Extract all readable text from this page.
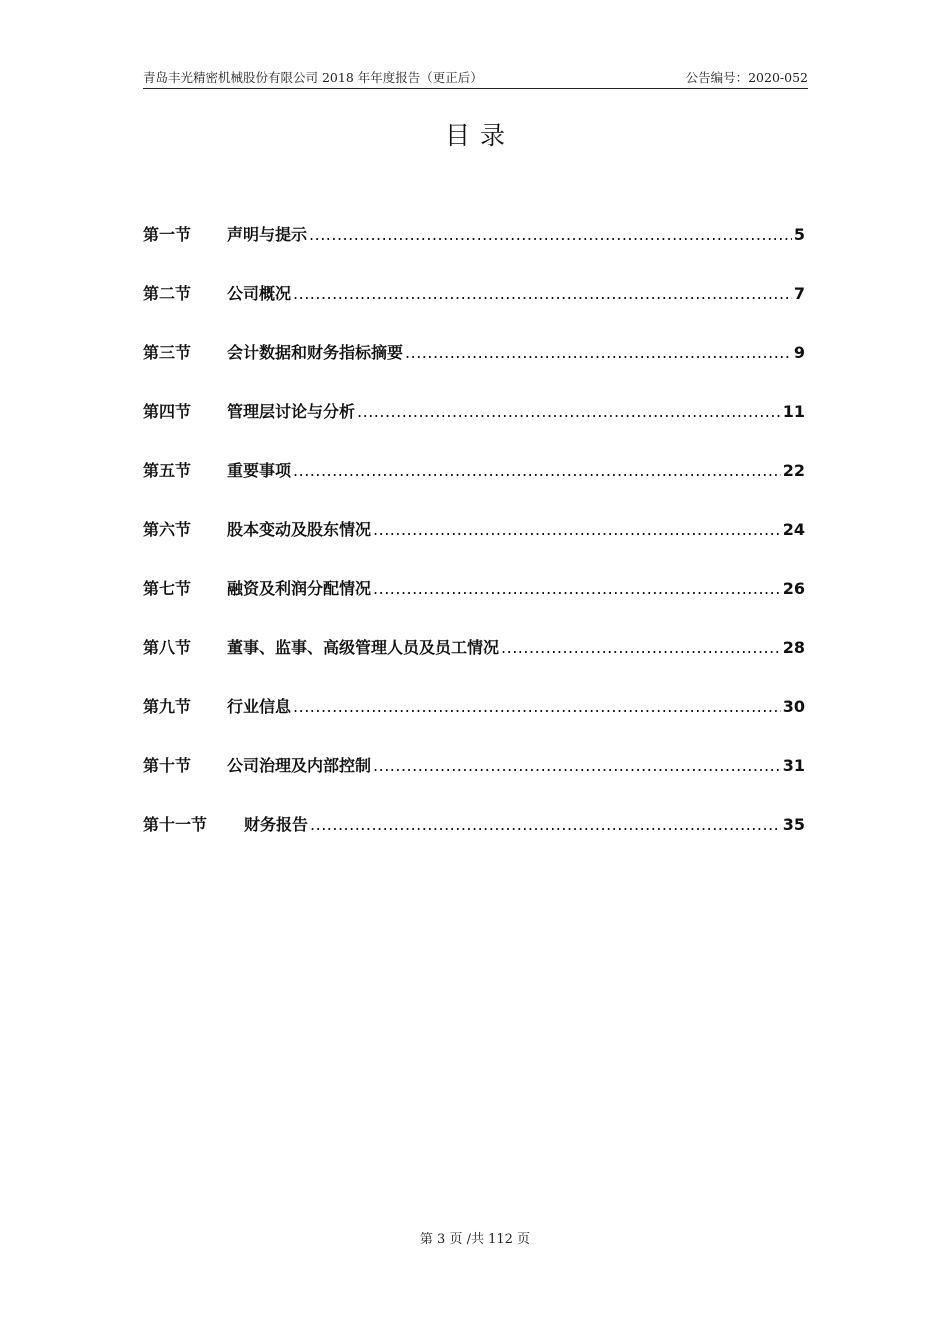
青岛丰光精密机械股份有限公司 2018 年年度报告（更正后）	公告编号：2020-052
目录
第一节	声明与提示 .....	5
第二节	公司概况 .....	7
第三节	会计数据和财务指标摘要 .....	9
第四节	管理层讨论与分析 .....	11
第五节	重要事项 .....	22
第六节	股本变动及股东情况 .....	24
第七节	融资及利润分配情况 .....	26
第八节	董事、监事、高级管理人员及员工情况 .....	28
第九节	行业信息 .....	30
第十节	公司治理及内部控制 .....	31
第十一节	财务报告 .....	35
第 3 页 /共 112 页
